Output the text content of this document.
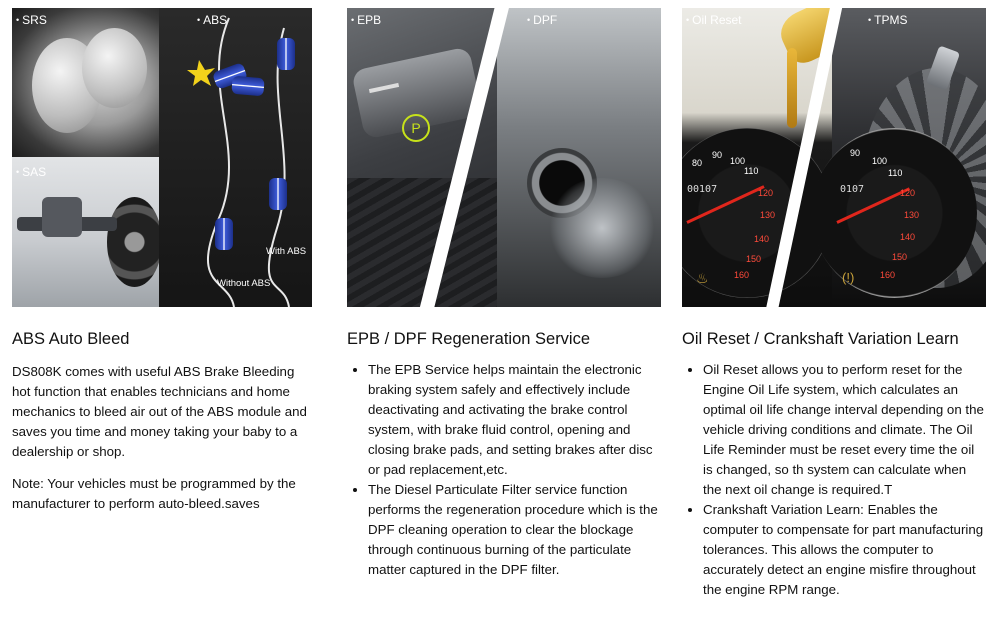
With ABS
Without ABS
• SRS	• ABS
• SAS
ABS Auto Bleed

DS808K comes with useful ABS Brake Bleeding hot function that enables technicians and home mechanics to bleed air out of the ABS module and saves you time and money taking your baby to a dealership or shop.

Note: Your vehicles must be programmed by the manufacturer to perform auto-bleed.saves

P
• EPB	• DPF
EPB / DPF Regeneration Service
• The EPB Service helps maintain the electronic braking system safely and effectively include deactivating and activating the brake control system, with brake fluid control, opening and closing brake pads, and setting brakes after disc or pad replacement,etc.
• The Diesel Particulate Filter service function performs the regeneration procedure which is the DPF cleaning operation to clear the blockage through continuous burning of the particulate matter captured in the DPF filter.
00107
80
90
100
110
120
130
140
150
160
♨
0107
90
100
110
120
130
140
150
160
(!)
• Oil Reset	• TPMS
Oil Reset / Crankshaft Variation Learn
• Oil Reset allows you to perform reset for the Engine Oil Life system, which calculates an optimal oil life change interval depending on the vehicle driving conditions and climate. The Oil Life Reminder must be reset every time the oil is changed, so th system can calculate when the next oil change is required.T
• Crankshaft Variation Learn: Enables the computer to compensate for part manufacturing tolerances. This allows the computer to accurately detect an engine misfire throughout the engine RPM range.
